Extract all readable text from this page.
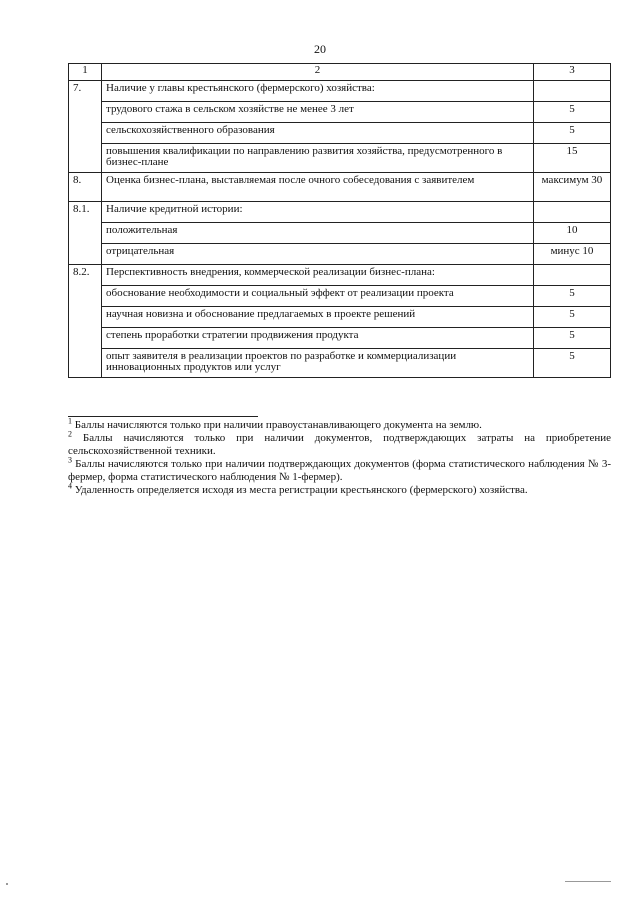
20
1	2	3
7.	Наличие у главы крестьянского (фермерского) хозяйства:	
	трудового стажа в сельском хозяйстве не менее 3 лет	5
	сельскохозяйственного образования	5
	повышения квалификации по направлению развития хозяйства, предусмотренного в бизнес-плане	15
8.	Оценка бизнес-плана, выставляемая после очного собеседования с заявителем	максимум 30
8.1.	Наличие кредитной истории:	
	положительная	10
	отрицательная	минус 10
8.2.	Перспективность внедрения, коммерческой реализации бизнес-плана:	
	обоснование необходимости и социальный эффект от реализации проекта	5
	научная новизна и обоснование предлагаемых в проекте решений	5
	степень проработки стратегии продвижения продукта	5
	опыт заявителя в реализации проектов по разработке и коммерциализации инновационных продуктов или услуг	5
$^1$ Баллы начисляются только при наличии правоустанавливающего документа на землю.
$^2$ Баллы начисляются только при наличии документов, подтверждающих затраты на приобретение сельскохозяйственной техники.
$^3$ Баллы начисляются только при наличии подтверждающих документов (форма статистического наблюдения № 3-фермер, форма статистического наблюдения № 1-фермер).
$^4$ Удаленность определяется исходя из места регистрации крестьянского (фермерского) хозяйства.
